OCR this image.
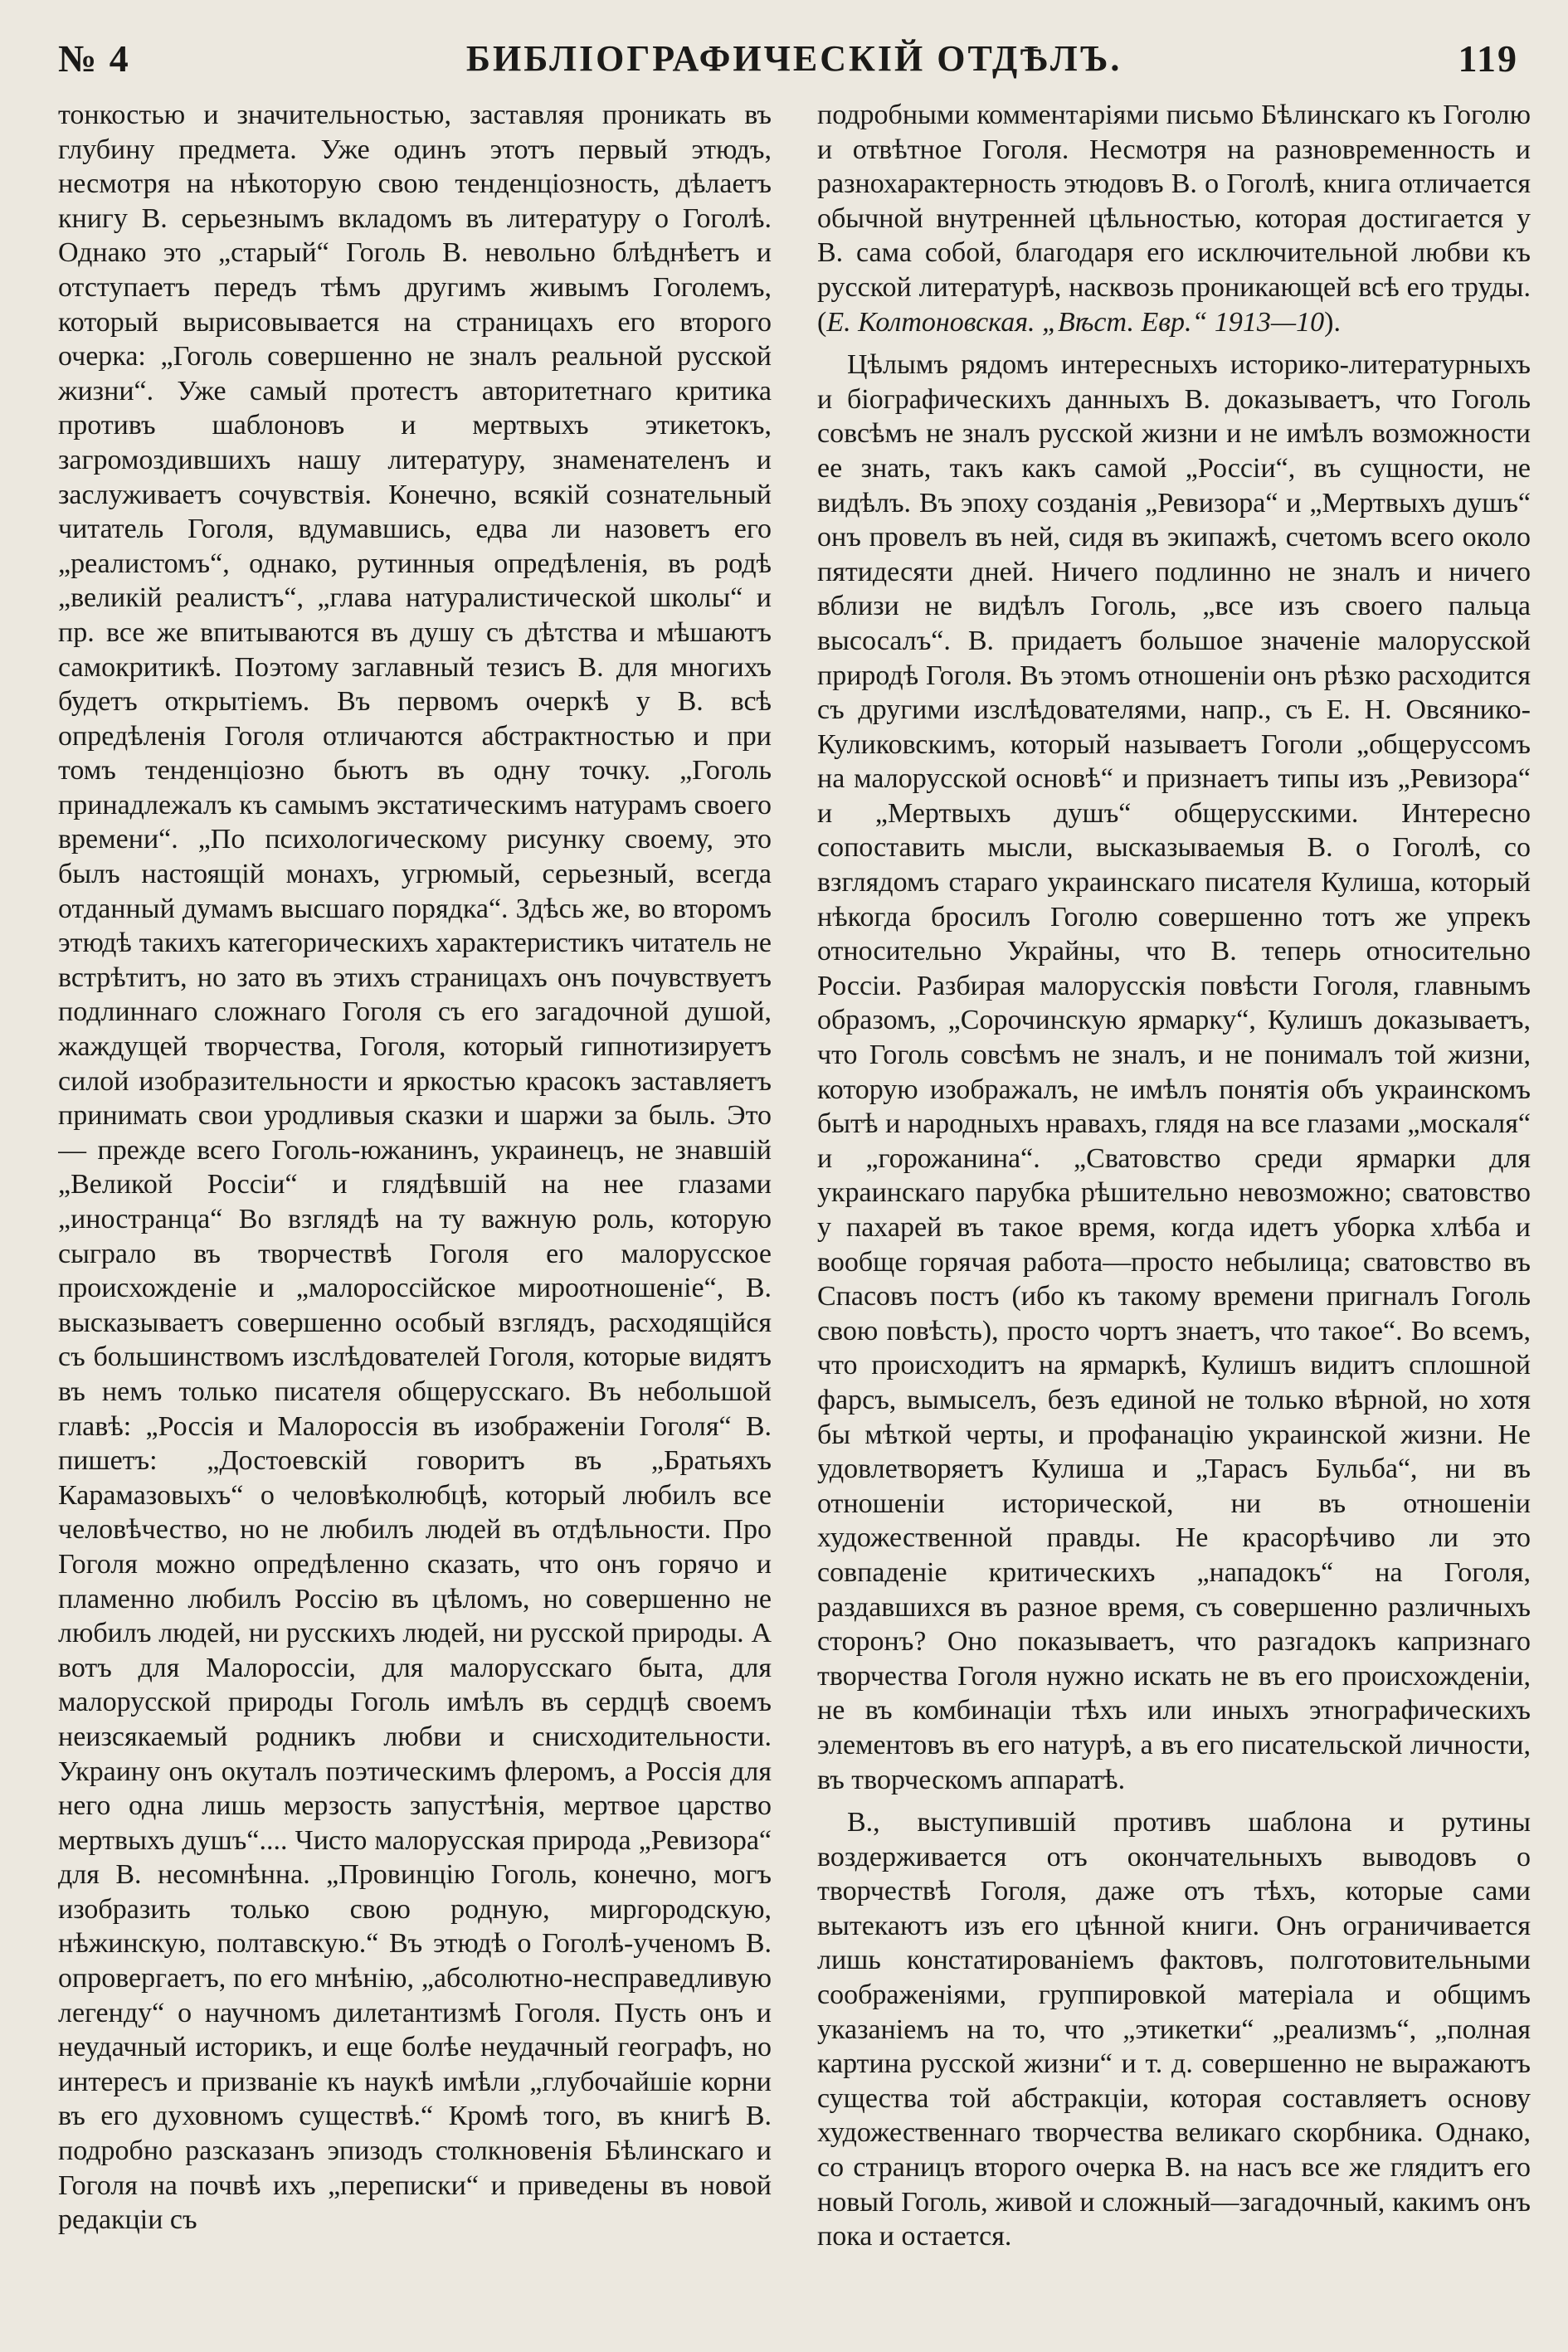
№ 4	БИБЛІОГРАФИЧЕСКІЙ ОТДѢЛЪ.	119

тонкостью и значительностью, заставляя проникать въ глубину предмета. Уже одинъ этотъ первый этюдъ, несмотря на нѣкоторую свою тенденціозность, дѣлаетъ книгу В. серьезнымъ вкладомъ въ литературу о Гоголѣ. Однако это „старый“ Гоголь В. невольно блѣднѣетъ и отступаетъ передъ тѣмъ другимъ живымъ Гоголемъ, который вырисовывается на страницахъ его второго очерка: „Гоголь совершенно не зналъ реальной русской жизни“. Уже самый протестъ авторитетнаго критика противъ шаблоновъ и мертвыхъ этикетокъ, загромоздившихъ нашу литературу, знаменателенъ и заслуживаетъ сочувствія. Конечно, всякій сознательный читатель Гоголя, вдумавшись, едва ли назоветъ его „реалистомъ“, однако, рутинныя опредѣленія, въ родѣ „великій реалистъ“, „глава натуралистической школы“ и пр. все же впитываются въ душу съ дѣтства и мѣшаютъ самокритикѣ. Поэтому заглавный тезисъ В. для многихъ будетъ открытіемъ. Въ первомъ очеркѣ у В. всѣ опредѣленія Гоголя отличаются абстрактностью и при томъ тенденціозно бьютъ въ одну точку. „Гоголь принадлежалъ къ самымъ экстатическимъ натурамъ своего времени“. „По психологическому рисунку своему, это былъ настоящій монахъ, угрюмый, серьезный, всегда отданный думамъ высшаго порядка“. Здѣсь же, во второмъ этюдѣ такихъ категорическихъ характеристикъ читатель не встрѣтитъ, но зато въ этихъ страницахъ онъ почувствуетъ подлиннаго сложнаго Гоголя съ его загадочной душой, жаждущей творчества, Гоголя, который гипнотизируетъ силой изобразительности и яркостью красокъ заставляетъ принимать свои уродливыя сказки и шаржи за быль. Это — прежде всего Гоголь-южанинъ, украинецъ, не знавшій „Великой Россіи“ и глядѣвшій на нее глазами „иностранца“ Во взглядѣ на ту важную роль, которую сыграло въ творчествѣ Гоголя его малорусское происхожденіе и „малороссійское мироотношеніе“, В. высказываетъ совершенно особый взглядъ, расходящійся съ большинствомъ изслѣдователей Гоголя, которые видятъ въ немъ только писателя общерусскаго. Въ небольшой главѣ: „Россія и Малороссія въ изображеніи Гоголя“ В. пишетъ: „Достоевскій говоритъ въ „Братьяхъ Карамазовыхъ“ о человѣколюбцѣ, который любилъ все человѣчество, но не любилъ людей въ отдѣльности. Про Гоголя можно опредѣленно сказать, что онъ горячо и пламенно любилъ Россію въ цѣломъ, но совершенно не любилъ людей, ни русскихъ людей, ни русской природы. А вотъ для Малороссіи, для малорусскаго быта, для малорусской природы Гоголь имѣлъ въ сердцѣ своемъ неизсякаемый родникъ любви и снисходительности. Украину онъ окуталъ поэтическимъ флеромъ, а Россія для него одна лишь мерзость запустѣнія, мертвое царство мертвыхъ душъ“.... Чисто малорусская природа „Ревизора“ для В. несомнѣнна. „Провинцію Гоголь, конечно, могъ изобразить только свою родную, миргородскую, нѣжинскую, полтавскую.“ Въ этюдѣ о Гоголѣ-ученомъ В. опровергаетъ, по его мнѣнію, „абсолютно-несправедливую легенду“ о научномъ дилетантизмѣ Гоголя. Пусть онъ и неудачный историкъ, и еще болѣе неудачный географъ, но интересъ и призваніе къ наукѣ имѣли „глубочайшіе корни въ его духовномъ существѣ.“ Кромѣ того, въ книгѣ В. подробно разсказанъ эпизодъ столкновенія Бѣлинскаго и Гоголя на почвѣ ихъ „переписки“ и приведены въ новой редакціи съ

подробными комментаріями письмо Бѣлинскаго къ Гоголю и отвѣтное Гоголя. Несмотря на разновременность и разнохарактерность этюдовъ В. о Гоголѣ, книга отличается обычной внутренней цѣльностью, которая достигается у В. сама собой, благодаря его исключительной любви къ русской литературѣ, насквозь проникающей всѣ его труды. (Е. Колтоновская. „Вѣст. Евр.“ 1913—10).

Цѣлымъ рядомъ интересныхъ историко-литературныхъ и біографическихъ данныхъ В. доказываетъ, что Гоголь совсѣмъ не зналъ русской жизни и не имѣлъ возможности ее знать, такъ какъ самой „Россіи“, въ сущности, не видѣлъ. Въ эпоху созданія „Ревизора“ и „Мертвыхъ душъ“ онъ провелъ въ ней, сидя въ экипажѣ, счетомъ всего около пятидесяти дней. Ничего подлинно не зналъ и ничего вблизи не видѣлъ Гоголь, „все изъ своего пальца высосалъ“. В. придаетъ большое значеніе малорусской природѣ Гоголя. Въ этомъ отношеніи онъ рѣзко расходится съ другими изслѣдователями, напр., съ Е. Н. Овсянико-Куликовскимъ, который называетъ Гоголи „общеруссомъ на малорусской основѣ“ и признаетъ типы изъ „Ревизора“ и „Мертвыхъ душъ“ общерусскими. Интересно сопоставить мысли, высказываемыя В. о Гоголѣ, со взглядомъ стараго украинскаго писателя Кулиша, который нѣкогда бросилъ Гоголю совершенно тотъ же упрекъ относительно Украйны, что В. теперь относительно Россіи. Разбирая малорусскія повѣсти Гоголя, главнымъ образомъ, „Сорочинскую ярмарку“, Кулишъ доказываетъ, что Гоголь совсѣмъ не зналъ, и не понималъ той жизни, которую изображалъ, не имѣлъ понятія объ украинскомъ бытѣ и народныхъ нравахъ, глядя на все глазами „москаля“ и „горожанина“. „Сватовство среди ярмарки для украинскаго парубка рѣшительно невозможно; сватовство у пахарей въ такое время, когда идетъ уборка хлѣба и вообще горячая работа—просто небылица; сватовство въ Спасовъ постъ (ибо къ такому времени пригналъ Гоголь свою повѣсть), просто чортъ знаетъ, что такое“. Во всемъ, что происходитъ на ярмаркѣ, Кулишъ видитъ сплошной фарсъ, вымыселъ, безъ единой не только вѣрной, но хотя бы мѣткой черты, и профанацію украинской жизни. Не удовлетворяетъ Кулиша и „Тарасъ Бульба“, ни въ отношеніи исторической, ни въ отношеніи художественной правды. Не красорѣчиво ли это совпаденіе критическихъ „нападокъ“ на Гоголя, раздавшихся въ разное время, съ совершенно различныхъ сторонъ? Оно показываетъ, что разгадокъ капризнаго творчества Гоголя нужно искать не въ его происхожденіи, не въ комбинаціи тѣхъ или иныхъ этнографическихъ элементовъ въ его натурѣ, а въ его писательской личности, въ творческомъ аппаратѣ.

В., выступившій противъ шаблона и рутины воздерживается отъ окончательныхъ выводовъ о творчествѣ Гоголя, даже отъ тѣхъ, которые сами вытекаютъ изъ его цѣнной книги. Онъ ограничивается лишь констатированіемъ фактовъ, полготовительными соображеніями, группировкой матеріала и общимъ указаніемъ на то, что „этикетки“ „реализмъ“, „полная картина русской жизни“ и т. д. совершенно не выражаютъ существа той абстракціи, которая составляетъ основу художественнаго творчества великаго скорбника. Однако, со страницъ второго очерка В. на насъ все же глядитъ его новый Гоголь, живой и сложный—загадочный, какимъ онъ пока и остается.
